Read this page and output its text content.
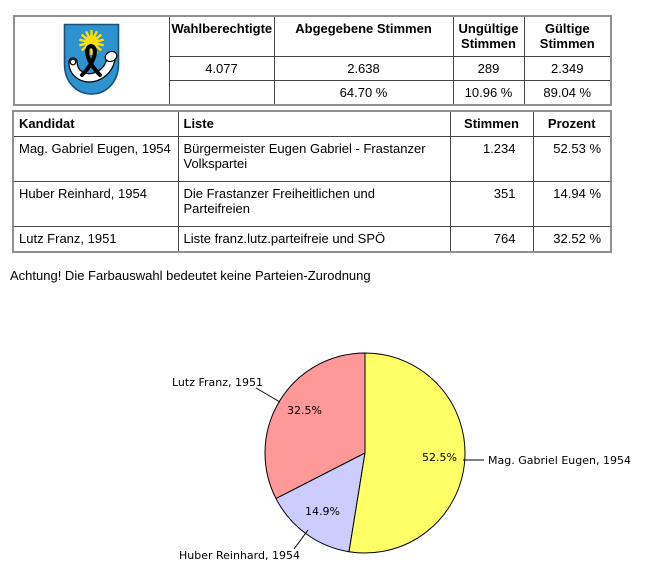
	Wahlberechtigte	Abgegebene Stimmen	Ungültige Stimmen	Gültige Stimmen
	4.077	2.638	289	2.349
		64.70 %	10.96 %	89.04 %
Kandidat	Liste	Stimmen	Prozent
Mag. Gabriel Eugen, 1954	Bürgermeister Eugen Gabriel - Frastanzer Volkspartei	1.234	52.53 %
Huber Reinhard, 1954	Die Frastanzer Freiheitlichen und Parteifreien	351	14.94 %
Lutz Franz, 1951	Liste franz.lutz.parteifreie und SPÖ	764	32.52 %
Achtung! Die Farbauswahl bedeutet keine Parteien-Zurodnung
52.5%
14.9%
32.5%
Mag. Gabriel Eugen, 1954
Huber Reinhard, 1954
Lutz Franz, 1951
